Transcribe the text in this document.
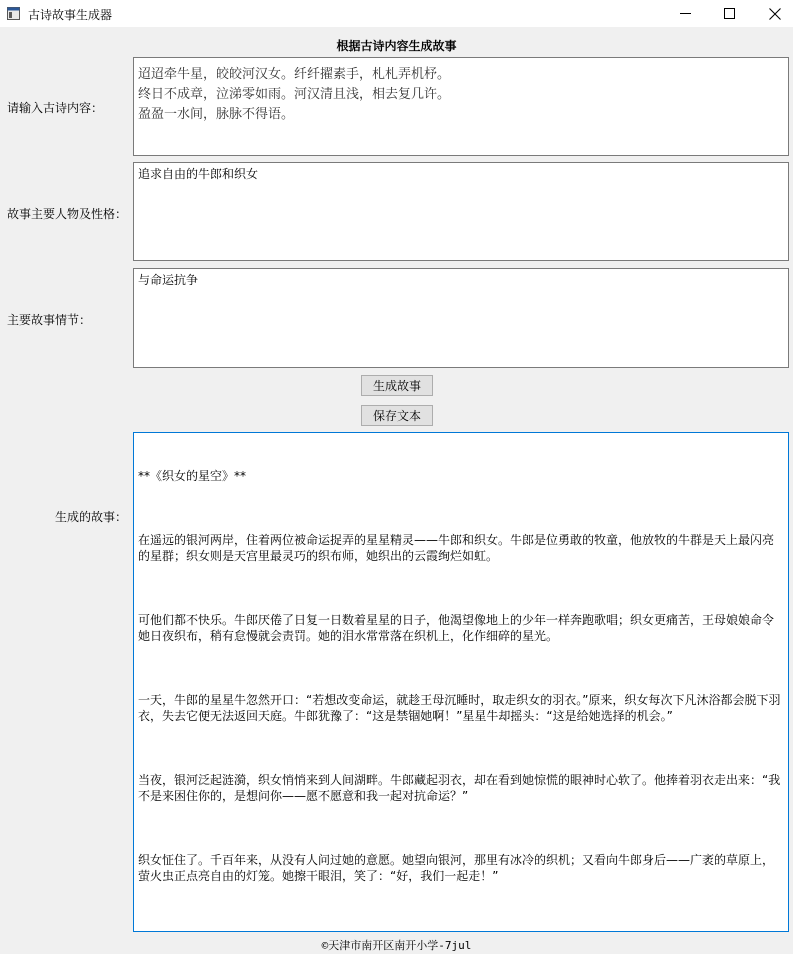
古诗故事生成器
根据古诗内容生成故事
请输入古诗内容：
迢迢牵牛星，皎皎河汉女。纤纤擢素手，札札弄机杼。
终日不成章，泣涕零如雨。河汉清且浅，相去复几许。
盈盈一水间，脉脉不得语。
故事主要人物及性格：
追求自由的牛郎和织女
主要故事情节：
与命运抗争
生成故事
保存文本
生成的故事：

**《织女的星空》**

在遥远的银河两岸，住着两位被命运捉弄的星星精灵——牛郎和织女。牛郎是位勇敢的牧童，他放牧的牛群是天上最闪亮的星群；织女则是天宫里最灵巧的织布师，她织出的云霞绚烂如虹。

可他们都不快乐。牛郎厌倦了日复一日数着星星的日子，他渴望像地上的少年一样奔跑歌唱；织女更痛苦，王母娘娘命令她日夜织布，稍有怠慢就会责罚。她的泪水常常落在织机上，化作细碎的星光。

一天，牛郎的星星牛忽然开口：“若想改变命运，就趁王母沉睡时，取走织女的羽衣。”原来，织女每次下凡沐浴都会脱下羽衣，失去它便无法返回天庭。牛郎犹豫了：“这是禁锢她啊！”星星牛却摇头：“这是给她选择的机会。”

当夜，银河泛起涟漪，织女悄悄来到人间湖畔。牛郎藏起羽衣，却在看到她惊慌的眼神时心软了。他捧着羽衣走出来：“我不是来困住你的，是想问你——愿不愿意和我一起对抗命运？”

织女怔住了。千百年来，从没有人问过她的意愿。她望向银河，那里有冰冷的织机；又看向牛郎身后——广袤的草原上，萤火虫正点亮自由的灯笼。她擦干眼泪，笑了：“好，我们一起走！”

©天津市南开区南开小学-7jul
